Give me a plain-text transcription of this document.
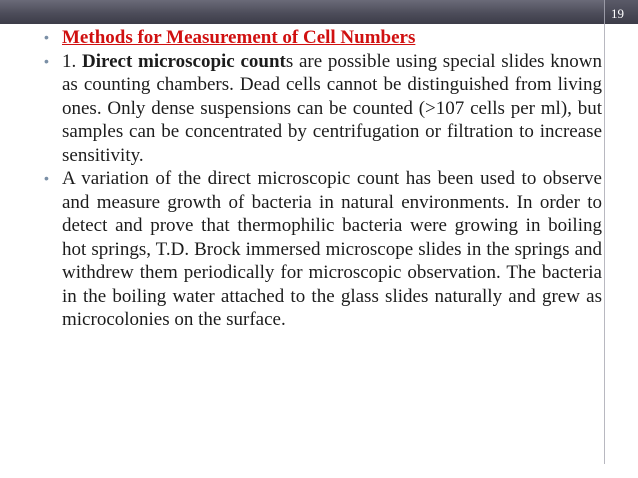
19

• Methods for Measurement of Cell Numbers

• 1. Direct microscopic counts are possible using special slides known as counting chambers. Dead cells cannot be distinguished from living ones. Only dense suspensions can be counted (>107 cells per ml), but samples can be concentrated by centrifugation or filtration to increase sensitivity.

• A variation of the direct microscopic count has been used to observe and measure growth of bacteria in natural environments. In order to detect and prove that thermophilic bacteria were growing in boiling hot springs, T.D. Brock immersed microscope slides in the springs and withdrew them periodically for microscopic observation. The bacteria in the boiling water attached to the glass slides naturally and grew as microcolonies on the surface.
